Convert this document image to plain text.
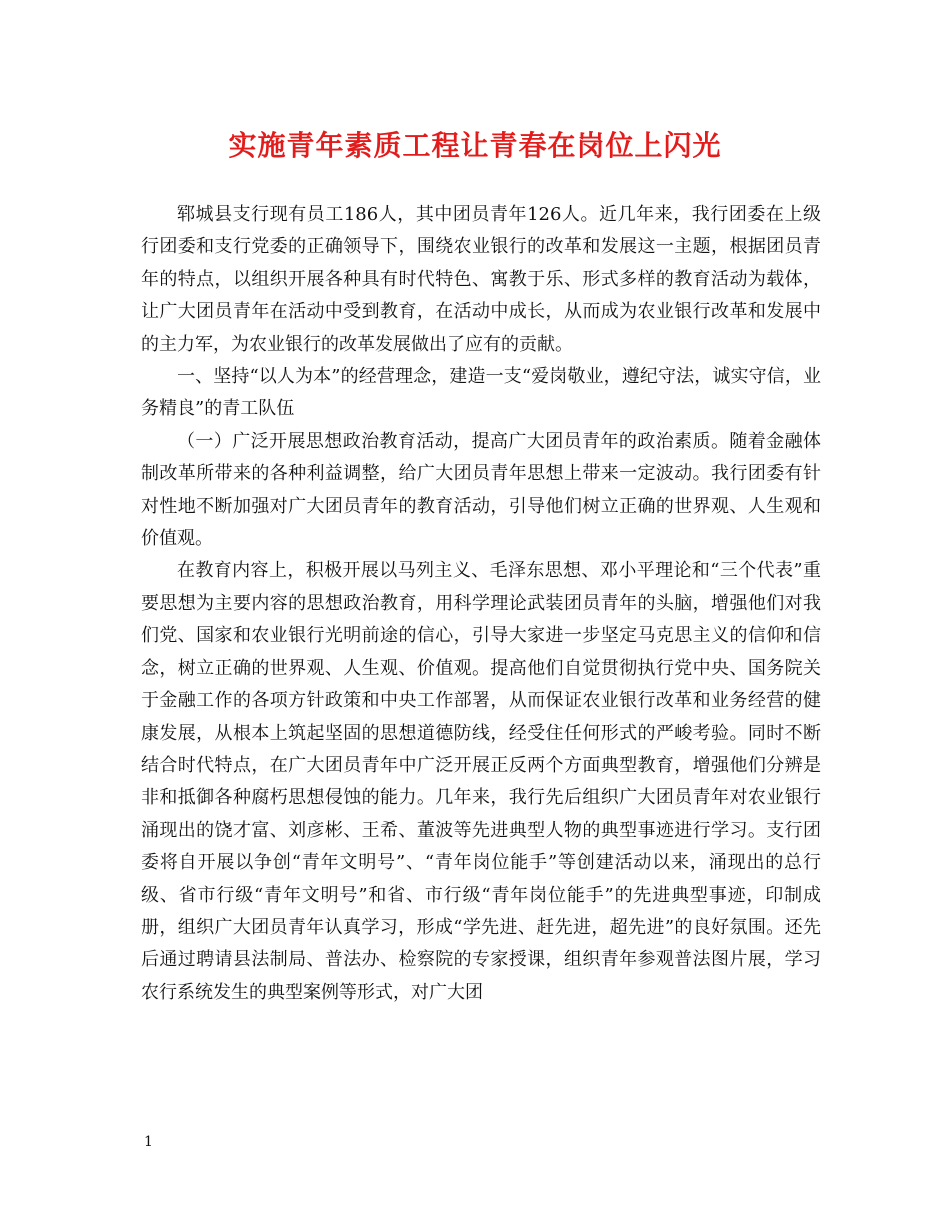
实施青年素质工程让青春在岗位上闪光

郓城县支行现有员工186人，其中团员青年126人。近几年来，我行团委在上级行团委和支行党委的正确领导下，围绕农业银行的改革和发展这一主题，根据团员青年的特点，以组织开展各种具有时代特色、寓教于乐、形式多样的教育活动为载体，让广大团员青年在活动中受到教育，在活动中成长，从而成为农业银行改革和发展中的主力军，为农业银行的改革发展做出了应有的贡献。

一、坚持“以人为本”的经营理念，建造一支“爱岗敬业，遵纪守法，诚实守信，业务精良”的青工队伍

（一）广泛开展思想政治教育活动，提高广大团员青年的政治素质。随着金融体制改革所带来的各种利益调整，给广大团员青年思想上带来一定波动。我行团委有针对性地不断加强对广大团员青年的教育活动，引导他们树立正确的世界观、人生观和价值观。

在教育内容上，积极开展以马列主义、毛泽东思想、邓小平理论和“三个代表”重要思想为主要内容的思想政治教育，用科学理论武装团员青年的头脑，增强他们对我们党、国家和农业银行光明前途的信心，引导大家进一步坚定马克思主义的信仰和信念，树立正确的世界观、人生观、价值观。提高他们自觉贯彻执行党中央、国务院关于金融工作的各项方针政策和中央工作部署，从而保证农业银行改革和业务经营的健康发展，从根本上筑起坚固的思想道德防线，经受住任何形式的严峻考验。同时不断结合时代特点，在广大团员青年中广泛开展正反两个方面典型教育，增强他们分辨是非和抵御各种腐朽思想侵蚀的能力。几年来，我行先后组织广大团员青年对农业银行涌现出的饶才富、刘彦彬、王希、董波等先进典型人物的典型事迹进行学习。支行团委将自开展以争创“青年文明号”、“青年岗位能手”等创建活动以来，涌现出的总行级、省市行级“青年文明号”和省、市行级“青年岗位能手”的先进典型事迹，印制成册，组织广大团员青年认真学习，形成“学先进、赶先进，超先进”的良好氛围。还先后通过聘请县法制局、普法办、检察院的专家授课，组织青年参观普法图片展，学习农行系统发生的典型案例等形式，对广大团

1
